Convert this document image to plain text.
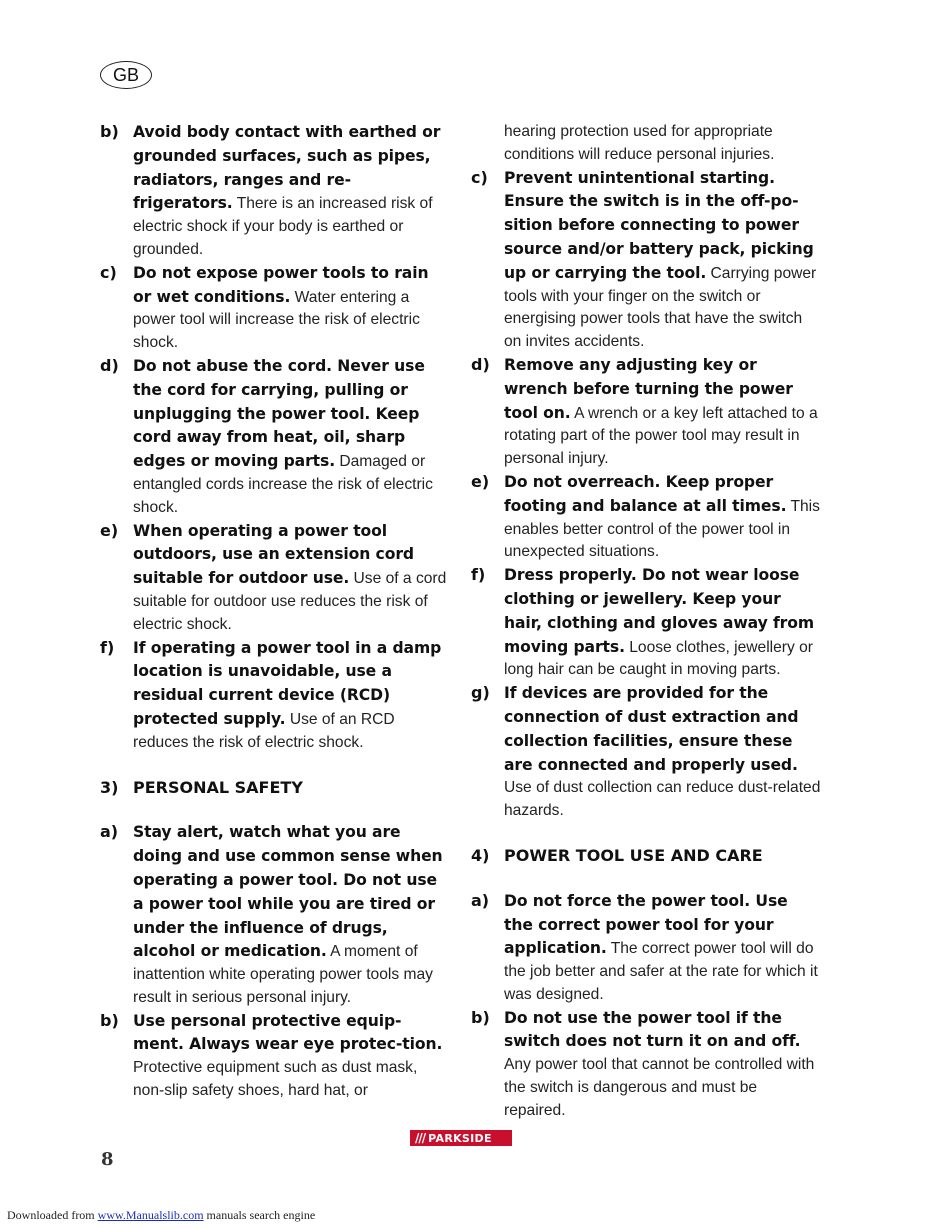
GB
b) Avoid body contact with earthed or grounded surfaces, such as pipes, radiators, ranges and re-frigerators. There is an increased risk of electric shock if your body is earthed or grounded.
c) Do not expose power tools to rain or wet conditions. Water entering a power tool will increase the risk of electric shock.
d) Do not abuse the cord. Never use the cord for carrying, pulling or unplugging the power tool. Keep cord away from heat, oil, sharp edges or moving parts. Damaged or entangled cords increase the risk of electric shock.
e) When operating a power tool outdoors, use an extension cord suitable for outdoor use. Use of a cord suitable for outdoor use reduces the risk of electric shock.
f) If operating a power tool in a damp location is unavoidable, use a residual current device (RCD) protected supply. Use of an RCD reduces the risk of electric shock.
3) PERSONAL SAFETY
a) Stay alert, watch what you are doing and use common sense when operating a power tool. Do not use a power tool while you are tired or under the influence of drugs, alcohol or medication. A moment of inattention white operating power tools may result in serious personal injury.
b) Use personal protective equip-ment. Always wear eye protec-tion. Protective equipment such as dust mask, non-slip safety shoes, hard hat, or
hearing protection used for appropriate conditions will reduce personal injuries.
c) Prevent unintentional starting. Ensure the switch is in the off-po-sition before connecting to power source and/or battery pack, picking up or carrying the tool. Carrying power tools with your finger on the switch or energising power tools that have the switch on invites accidents.
d) Remove any adjusting key or wrench before turning the power tool on. A wrench or a key left attached to a rotating part of the power tool may result in personal injury.
e) Do not overreach. Keep proper footing and balance at all times. This enables better control of the power tool in unexpected situations.
f) Dress properly. Do not wear loose clothing or jewellery. Keep your hair, clothing and gloves away from moving parts. Loose clothes, jewellery or long hair can be caught in moving parts.
g) If devices are provided for the connection of dust extraction and collection facilities, ensure these are connected and properly used. Use of dust collection can reduce dust-related hazards.
4) POWER TOOL USE AND CARE
a) Do not force the power tool. Use the correct power tool for your application. The correct power tool will do the job better and safer at the rate for which it was designed.
b) Do not use the power tool if the switch does not turn it on and off. Any power tool that cannot be controlled with the switch is dangerous and must be repaired.
/// PARKSIDE
8
Downloaded from www.Manualslib.com manuals search engine
